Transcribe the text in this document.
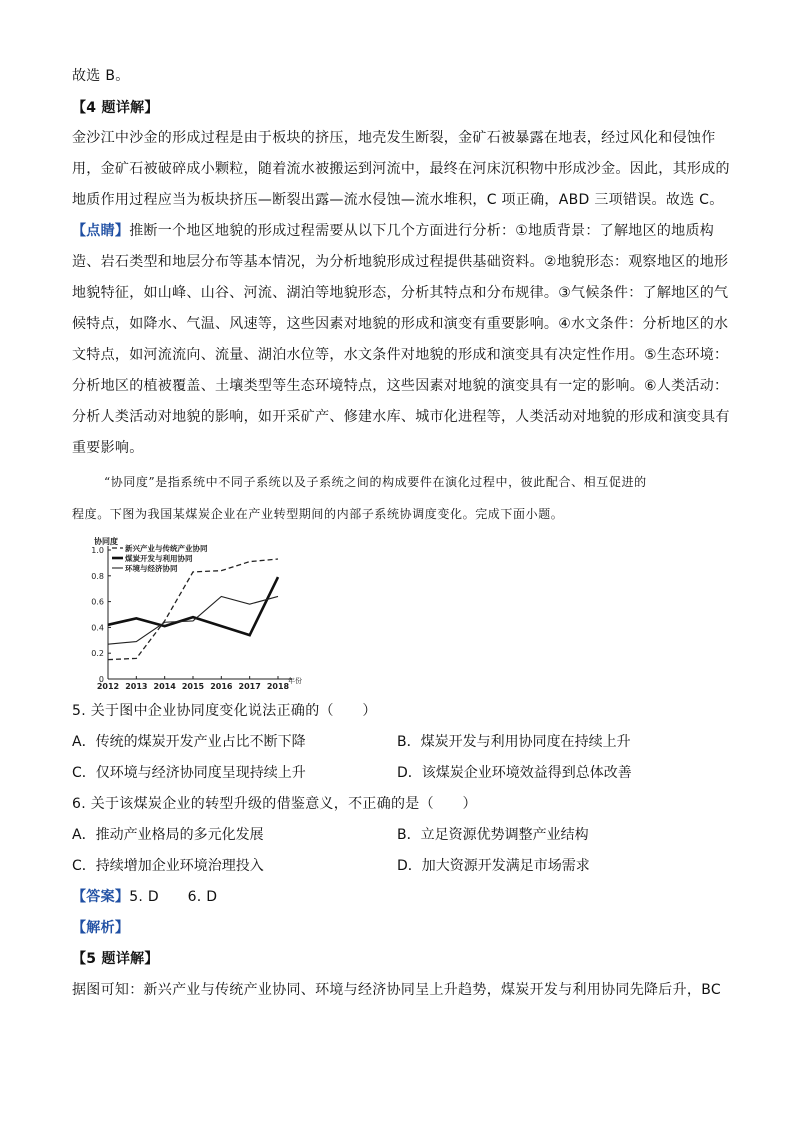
故选 B。
【4 题详解】
金沙江中沙金的形成过程是由于板块的挤压，地壳发生断裂，金矿石被暴露在地表，经过风化和侵蚀作
用，金矿石被破碎成小颗粒，随着流水被搬运到河流中，最终在河床沉积物中形成沙金。因此，其形成的
地质作用过程应当为板块挤压—断裂出露—流水侵蚀—流水堆积，C 项正确，ABD 三项错误。故选 C。
【点睛】推断一个地区地貌的形成过程需要从以下几个方面进行分析：①地质背景：了解地区的地质构
造、岩石类型和地层分布等基本情况，为分析地貌形成过程提供基础资料。②地貌形态：观察地区的地形
地貌特征，如山峰、山谷、河流、湖泊等地貌形态，分析其特点和分布规律。③气候条件：了解地区的气
候特点，如降水、气温、风速等，这些因素对地貌的形成和演变有重要影响。④水文条件：分析地区的水
文特点，如河流流向、流量、湖泊水位等，水文条件对地貌的形成和演变具有决定性作用。⑤生态环境：
分析地区的植被覆盖、土壤类型等生态环境特点，这些因素对地貌的演变具有一定的影响。⑥人类活动：
分析人类活动对地貌的影响，如开采矿产、修建水库、城市化进程等，人类活动对地貌的形成和演变具有
重要影响。
“协同度”是指系统中不同子系统以及子系统之间的构成要件在演化过程中，彼此配合、相互促进的
程度。下图为我国某煤炭企业在产业转型期间的内部子系统协调度变化。完成下面小题。
0
0.2
0.4
0.6
0.8
1.0
2012 2013 2014 2015 2016 2017 2018
协同度
年份
新兴产业与传统产业协同
煤炭开发与利用协同
环境与经济协同
5. 关于图中企业协同度变化说法正确的（　　）
A．传统的煤炭开发产业占比不断下降	B．煤炭开发与利用协同度在持续上升
C．仅环境与经济协同度呈现持续上升	D．该煤炭企业环境效益得到总体改善
6. 关于该煤炭企业的转型升级的借鉴意义，不正确的是（　　）
A．推动产业格局的多元化发展	B．立足资源优势调整产业结构
C．持续增加企业环境治理投入	D．加大资源开发满足市场需求
【答案】5. D　　6. D
【解析】
【5 题详解】
据图可知：新兴产业与传统产业协同、环境与经济协同呈上升趋势，煤炭开发与利用协同先降后升，BC
